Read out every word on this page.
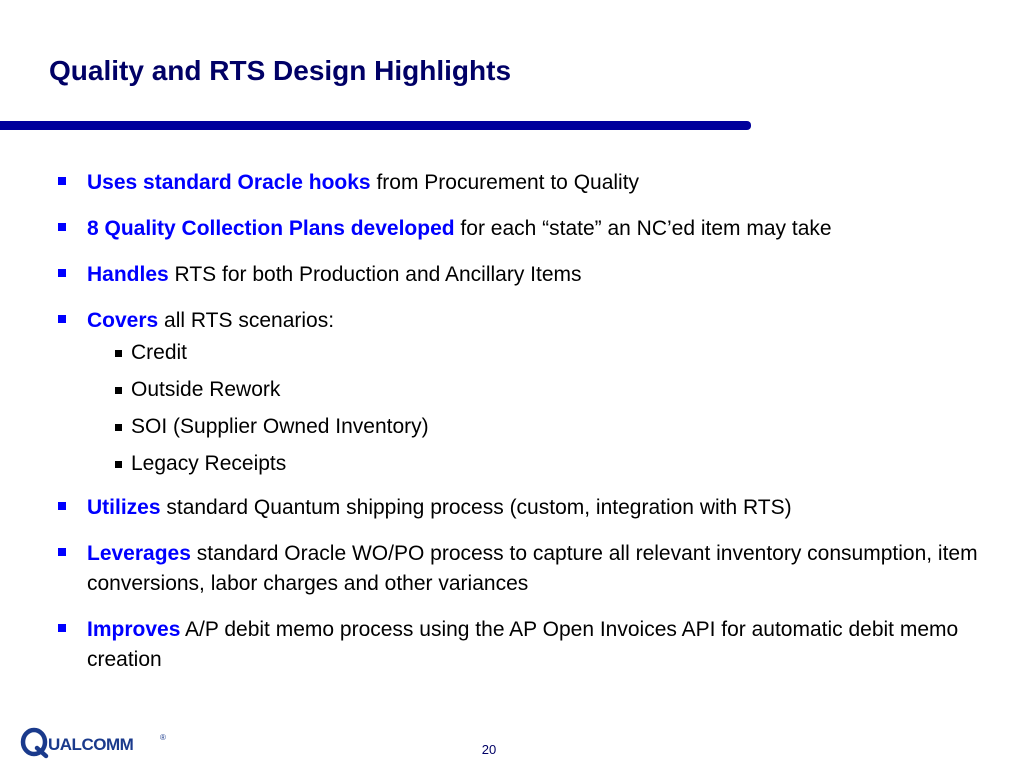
Quality and RTS Design Highlights
Uses standard Oracle hooks from Procurement to Quality
8 Quality Collection Plans developed for each “state” an NC’ed item may take
Handles RTS for both Production and Ancillary Items
Covers all RTS scenarios:
Credit
Outside Rework
SOI (Supplier Owned Inventory)
Legacy Receipts
Utilizes standard Quantum shipping process (custom, integration with RTS)
Leverages standard Oracle WO/PO process to capture all relevant inventory consumption, item conversions, labor charges and other variances
Improves A/P debit memo process using the AP Open Invoices API for automatic debit memo creation
UALCOMM	®
20
